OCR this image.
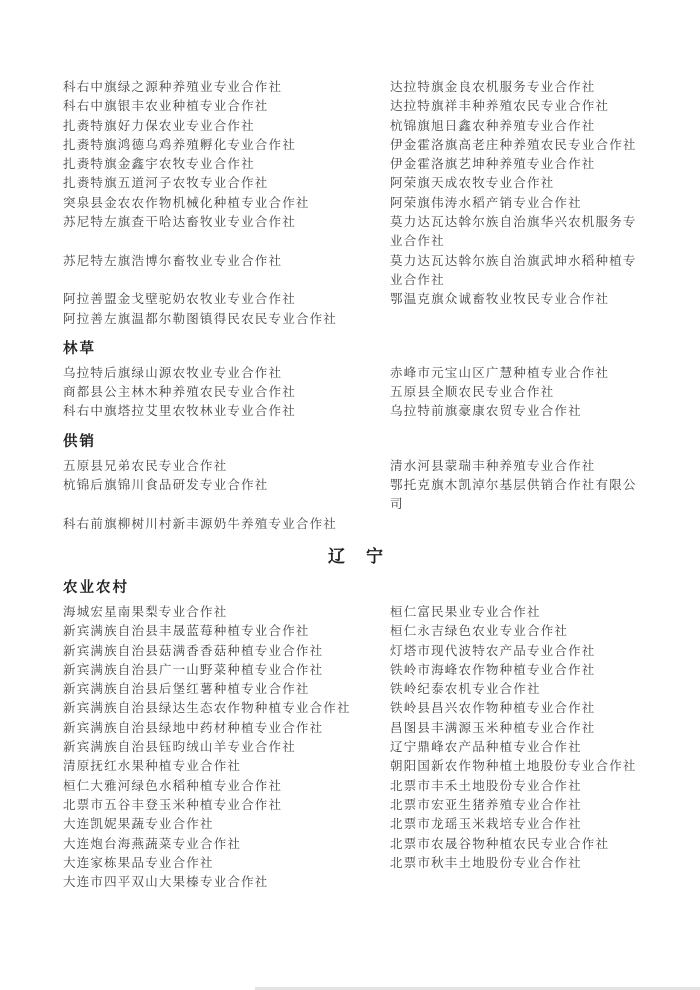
科右中旗绿之源种养殖业专业合作社	达拉特旗金良农机服务专业合作社
科右中旗银丰农业种植专业合作社	达拉特旗祥丰种养殖农民专业合作社
扎赉特旗好力保农业专业合作社	杭锦旗旭日鑫农种养殖专业合作社
扎赉特旗鸿德乌鸡养殖孵化专业合作社	伊金霍洛旗高老庄种养殖农民专业合作社
扎赉特旗金鑫宇农牧专业合作社	伊金霍洛旗艺坤种养殖专业合作社
扎赉特旗五道河子农牧专业合作社	阿荣旗天成农牧专业合作社
突泉县金农农作物机械化种植专业合作社	阿荣旗伟涛水稻产销专业合作社
苏尼特左旗查干哈达畜牧业专业合作社	莫力达瓦达斡尔族自治旗华兴农机服务专业合作社
苏尼特左旗浩博尔畜牧业专业合作社	莫力达瓦达斡尔族自治旗武坤水稻种植专业合作社
阿拉善盟金戈壁驼奶农牧业专业合作社	鄂温克旗众诚畜牧业牧民专业合作社
阿拉善左旗温都尔勒图镇得民农民专业合作社
林草
乌拉特后旗绿山源农牧业专业合作社	赤峰市元宝山区广慧种植专业合作社
商都县公主林木种养殖农民专业合作社	五原县全顺农民专业合作社
科右中旗塔拉艾里农牧林业专业合作社	乌拉特前旗豪康农贸专业合作社
供销
五原县兄弟农民专业合作社	清水河县蒙瑞丰种养殖专业合作社
杭锦后旗锦川食品研发专业合作社	鄂托克旗木凯淖尔基层供销合作社有限公司
科右前旗柳树川村新丰源奶牛养殖专业合作社
辽　宁
农业农村
海城宏星南果梨专业合作社	桓仁富民果业专业合作社
新宾满族自治县丰晟蓝莓种植专业合作社	桓仁永吉绿色农业专业合作社
新宾满族自治县菇满香香菇种植专业合作社	灯塔市现代波特农产品专业合作社
新宾满族自治县广一山野菜种植专业合作社	铁岭市海峰农作物种植专业合作社
新宾满族自治县后堡红薯种植专业合作社	铁岭纪泰农机专业合作社
新宾满族自治县绿达生态农作物种植专业合作社	铁岭县昌兴农作物种植专业合作社
新宾满族自治县绿地中药材种植专业合作社	昌图县丰满源玉米种植专业合作社
新宾满族自治县钰昀绒山羊专业合作社	辽宁鼎峰农产品种植专业合作社
清原抚红水果种植专业合作社	朝阳国新农作物种植土地股份专业合作社
桓仁大雅河绿色水稻种植专业合作社	北票市丰禾土地股份专业合作社
北票市五谷丰登玉米种植专业合作社	北票市宏亚生猪养殖专业合作社
大连凯妮果蔬专业合作社	北票市龙瑶玉米栽培专业合作社
大连炮台海燕蔬菜专业合作社	北票市农晟谷物种植农民专业合作社
大连家栋果品专业合作社	北票市秋丰土地股份专业合作社
大连市四平双山大果榛专业合作社
